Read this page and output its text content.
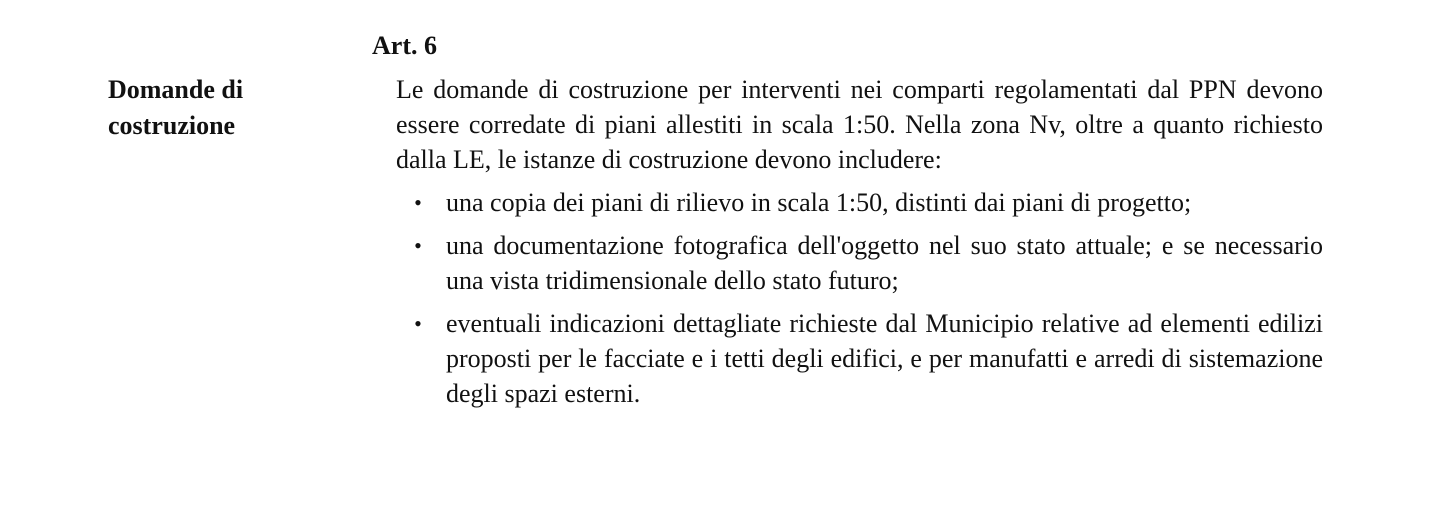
Art. 6
Domande di
costruzione

Le domande di costruzione per interventi nei comparti regolamentati dal PPN devono essere corredate di piani allestiti in scala 1:50. Nella zona Nv, oltre a quanto richiesto dalla LE, le istanze di costruzione devono includere:

• una copia dei piani di rilievo in scala 1:50, distinti dai piani di progetto;
• una documentazione fotografica dell'oggetto nel suo stato attuale; e se necessario una vista tridimensionale dello stato futuro;
• eventuali indicazioni dettagliate richieste dal Municipio relative ad elementi edilizi proposti per le facciate e i tetti degli edifici, e per manufatti e arredi di sistemazione degli spazi esterni.
